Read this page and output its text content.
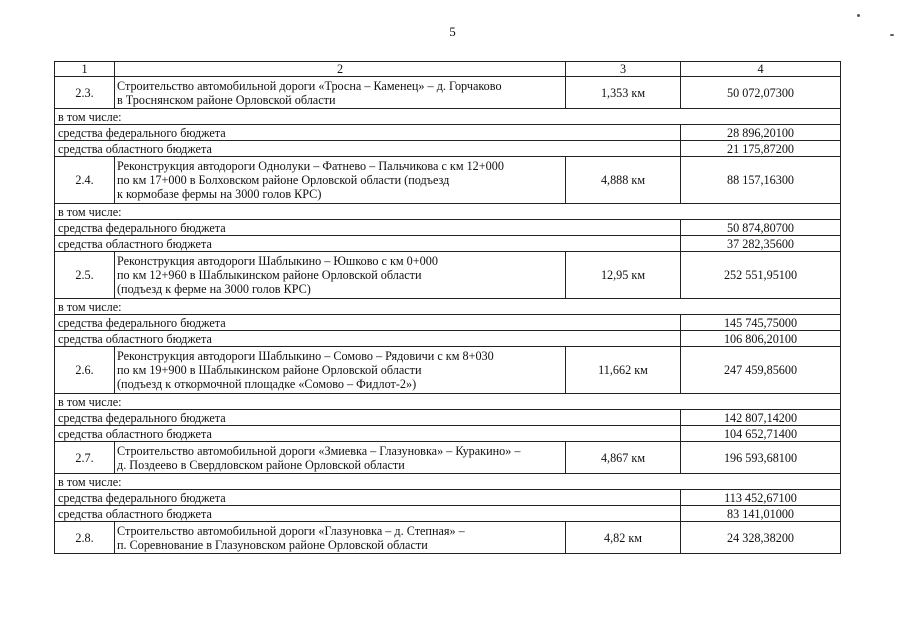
5
1	2	3	4
2.3.	Строительство автомобильной дороги «Тросна – Каменец» – д. Горчаково
в Троснянском районе Орловской области	1,353 км	50 072,07300
в том числе:			
средства федерального бюджета			28 896,20100
средства областного бюджета			21 175,87200
2.4.	Реконструкция автодороги Однолуки – Фатнево – Пальчикова с км 12+000
по км 17+000 в Болховском районе Орловской области (подъезд
к кормобазе фермы на 3000 голов КРС)	4,888 км	88 157,16300
в том числе:			
средства федерального бюджета			50 874,80700
средства областного бюджета			37 282,35600
2.5.	Реконструкция автодороги Шаблыкино – Юшково с км 0+000
по км 12+960 в Шаблыкинском районе Орловской области
(подъезд к ферме на 3000 голов КРС)	12,95 км	252 551,95100
в том числе:			
средства федерального бюджета			145 745,75000
средства областного бюджета			106 806,20100
2.6.	Реконструкция автодороги Шаблыкино – Сомово – Рядовичи с км 8+030
по км 19+900 в Шаблыкинском районе Орловской области
(подъезд к откормочной площадке «Сомово – Фидлот-2»)	11,662 км	247 459,85600
в том числе:			
средства федерального бюджета			142 807,14200
средства областного бюджета			104 652,71400
2.7.	Строительство автомобильной дороги «Змиевка – Глазуновка» – Куракино» –
д. Поздеево в Свердловском районе Орловской области	4,867 км	196 593,68100
в том числе:			
средства федерального бюджета			113 452,67100
средства областного бюджета			83 141,01000
2.8.	Строительство автомобильной дороги «Глазуновка – д. Степная» –
п. Соревнование в Глазуновском районе Орловской области	4,82 км	24 328,38200
